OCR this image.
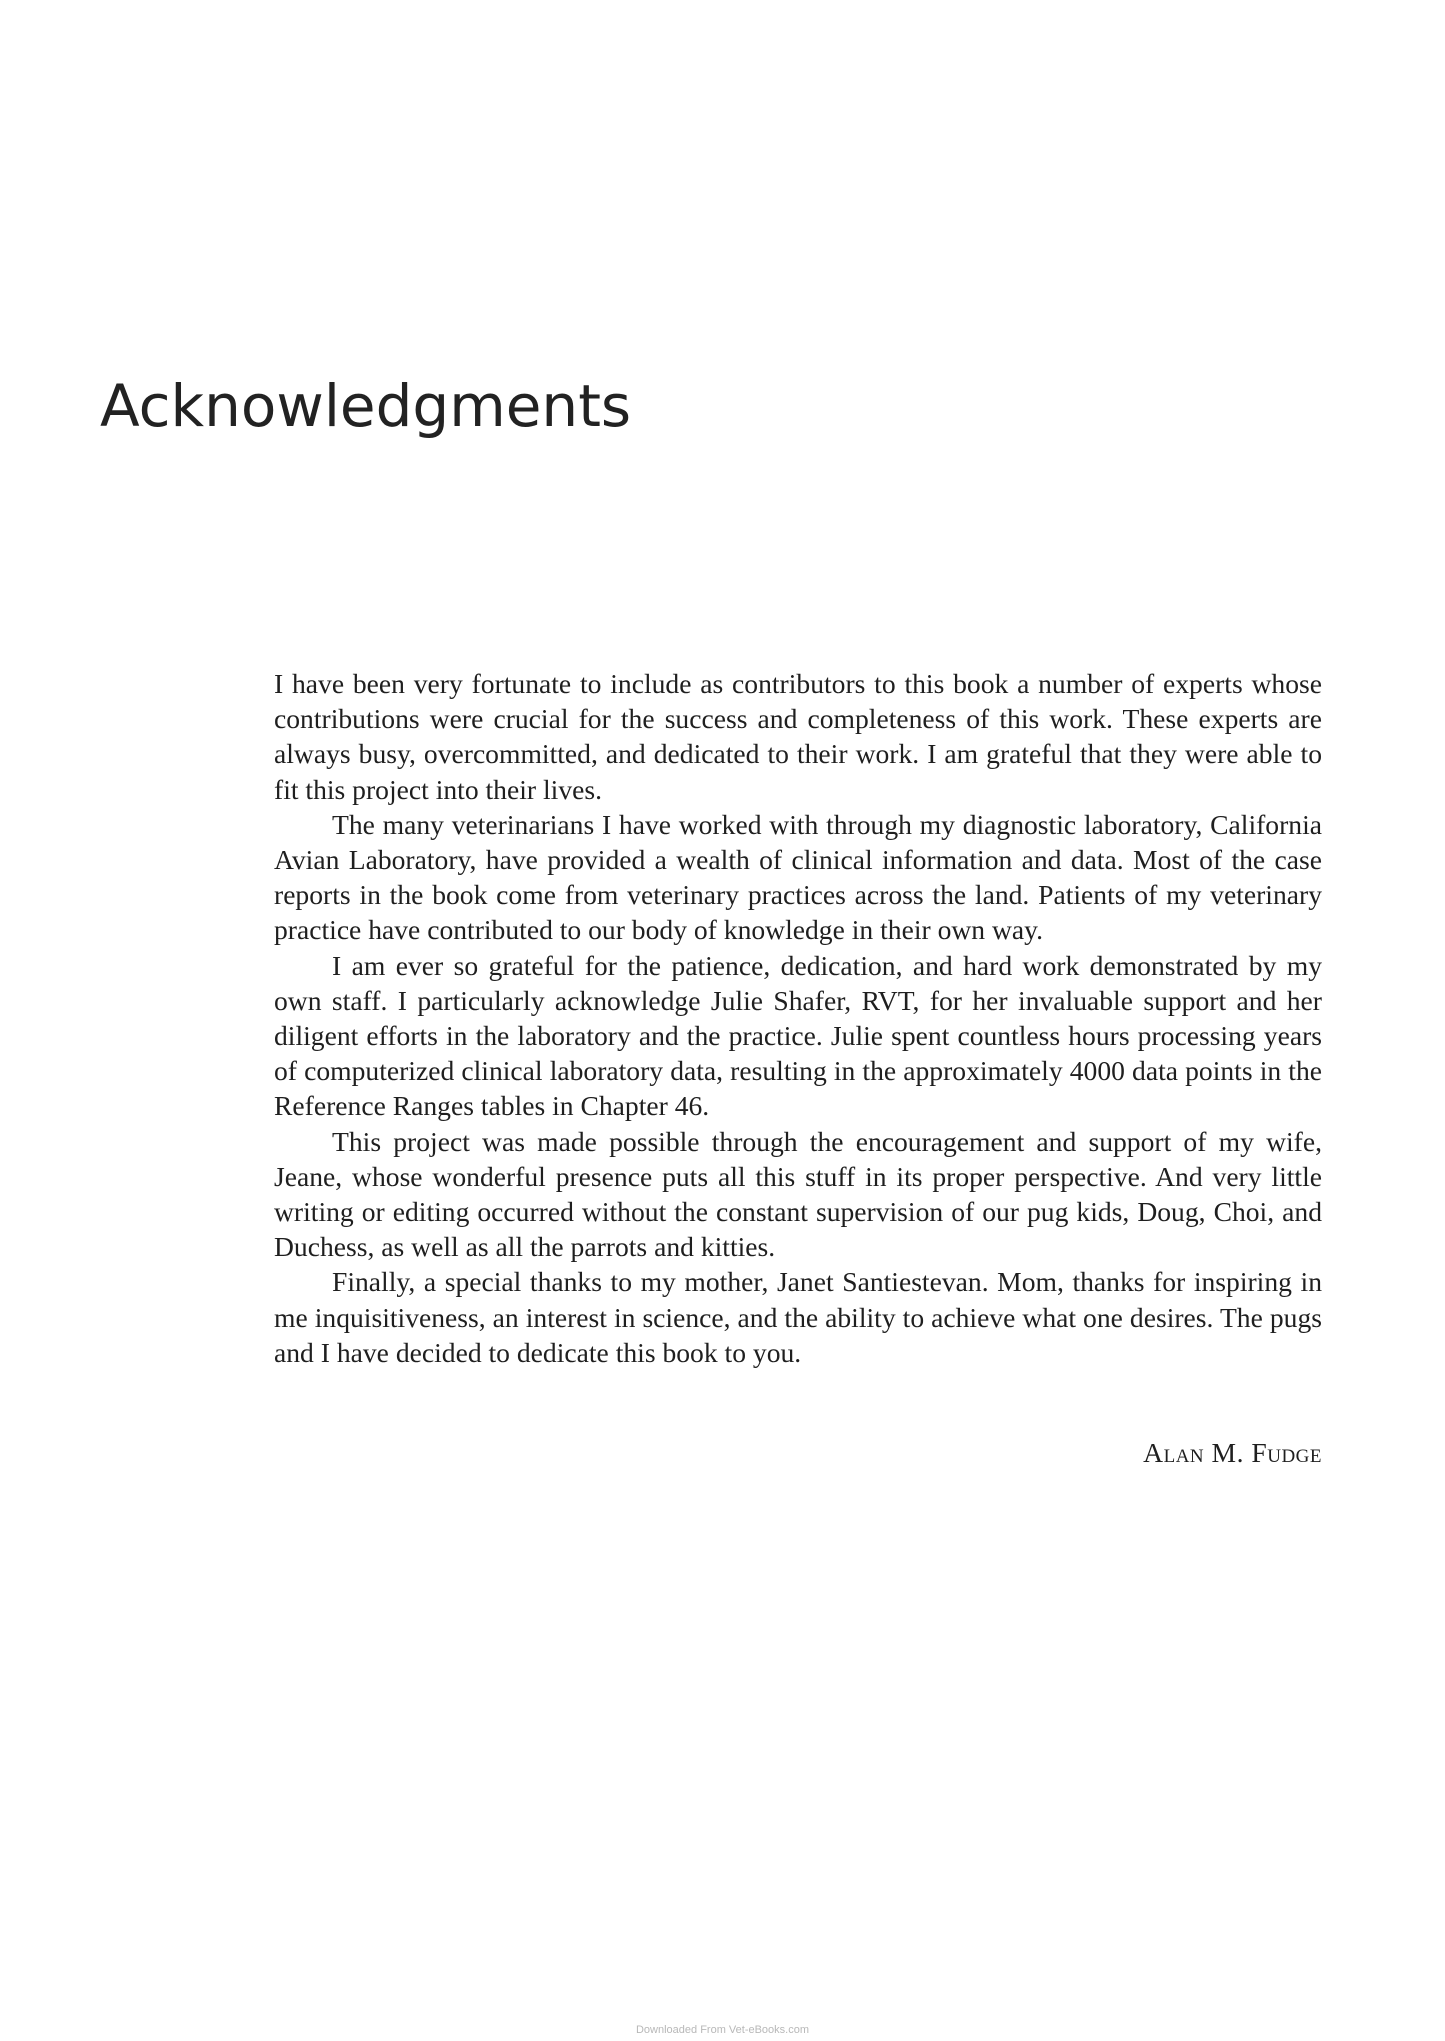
Acknowledgments

I have been very fortunate to include as contributors to this book a number of experts whose contributions were crucial for the success and completeness of this work. These experts are always busy, overcommitted, and dedicated to their work. I am grateful that they were able to fit this project into their lives.

The many veterinarians I have worked with through my diagnostic laboratory, California Avian Laboratory, have provided a wealth of clinical information and data. Most of the case reports in the book come from veterinary practices across the land. Patients of my veterinary practice have contributed to our body of knowledge in their own way.

I am ever so grateful for the patience, dedication, and hard work demonstrated by my own staff. I particularly acknowledge Julie Shafer, RVT, for her invaluable support and her diligent efforts in the laboratory and the practice. Julie spent countless hours processing years of computerized clinical laboratory data, resulting in the approximately 4000 data points in the Reference Ranges tables in Chapter 46.

This project was made possible through the encouragement and support of my wife, Jeane, whose wonderful presence puts all this stuff in its proper perspective. And very little writing or editing occurred without the constant supervision of our pug kids, Doug, Choi, and Duchess, as well as all the parrots and kitties.

Finally, a special thanks to my mother, Janet Santiestevan. Mom, thanks for inspiring in me inquisitiveness, an interest in science, and the ability to achieve what one desires. The pugs and I have decided to dedicate this book to you.

Alan M. Fudge

Downloaded From Vet-eBooks.com
